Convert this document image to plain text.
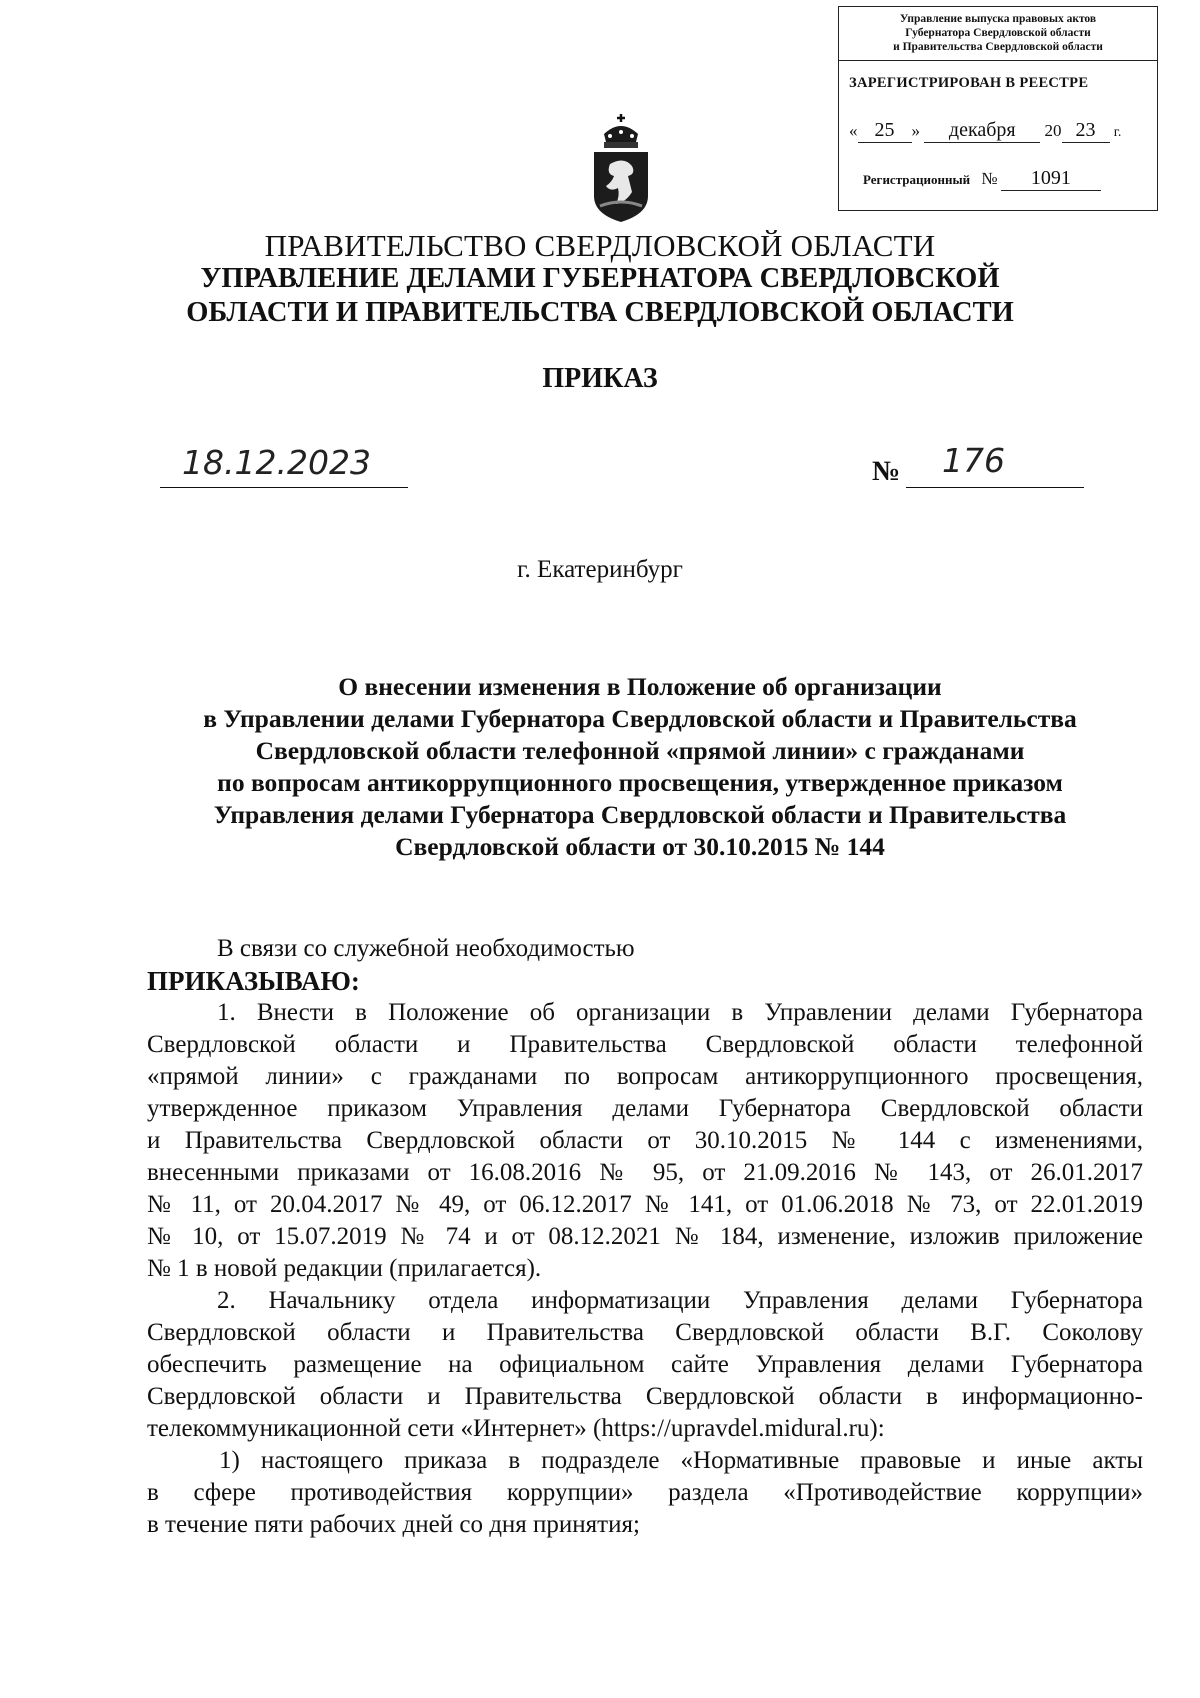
Управление выпуска правовых актов
Губернатора Свердловской области
и Правительства Свердловской области
ЗАРЕГИСТРИРОВАН В РЕЕСТРЕ
« 25 » декабря 20 23 г.
Регистрационный № 1091
ПРАВИТЕЛЬСТВО СВЕРДЛОВСКОЙ ОБЛАСТИ
УПРАВЛЕНИЕ ДЕЛАМИ ГУБЕРНАТОРА СВЕРДЛОВСКОЙ
ОБЛАСТИ И ПРАВИТЕЛЬСТВА СВЕРДЛОВСКОЙ ОБЛАСТИ
ПРИКАЗ
18.12.2023	№	176
г. Екатеринбург
О внесении изменения в Положение об организации
в Управлении делами Губернатора Свердловской области и Правительства
Свердловской области телефонной «прямой линии» с гражданами
по вопросам антикоррупционного просвещения, утвержденное приказом
Управления делами Губернатора Свердловской области и Правительства
Свердловской области от 30.10.2015 № 144
В связи со служебной необходимостью
ПРИКАЗЫВАЮ:
1. Внести в Положение об организации в Управлении делами Губернатора
Свердловской области и Правительства Свердловской области телефонной
«прямой линии» с гражданами по вопросам антикоррупционного просвещения,
утвержденное приказом Управления делами Губернатора Свердловской области
и Правительства Свердловской области от 30.10.2015 № 144 с изменениями,
внесенными приказами от 16.08.2016 № 95, от 21.09.2016 № 143, от 26.01.2017
№ 11, от 20.04.2017 № 49, от 06.12.2017 № 141, от 01.06.2018 № 73, от 22.01.2019
№ 10, от 15.07.2019 № 74 и от 08.12.2021 № 184, изменение, изложив приложение
№ 1 в новой редакции (прилагается).
2. Начальнику отдела информатизации Управления делами Губернатора
Свердловской области и Правительства Свердловской области В.Г. Соколову
обеспечить размещение на официальном сайте Управления делами Губернатора
Свердловской области и Правительства Свердловской области в информационно-
телекоммуникационной сети «Интернет» (https://upravdel.midural.ru):
1) настоящего приказа в подразделе «Нормативные правовые и иные акты
в сфере противодействия коррупции» раздела «Противодействие коррупции»
в течение пяти рабочих дней со дня принятия;
